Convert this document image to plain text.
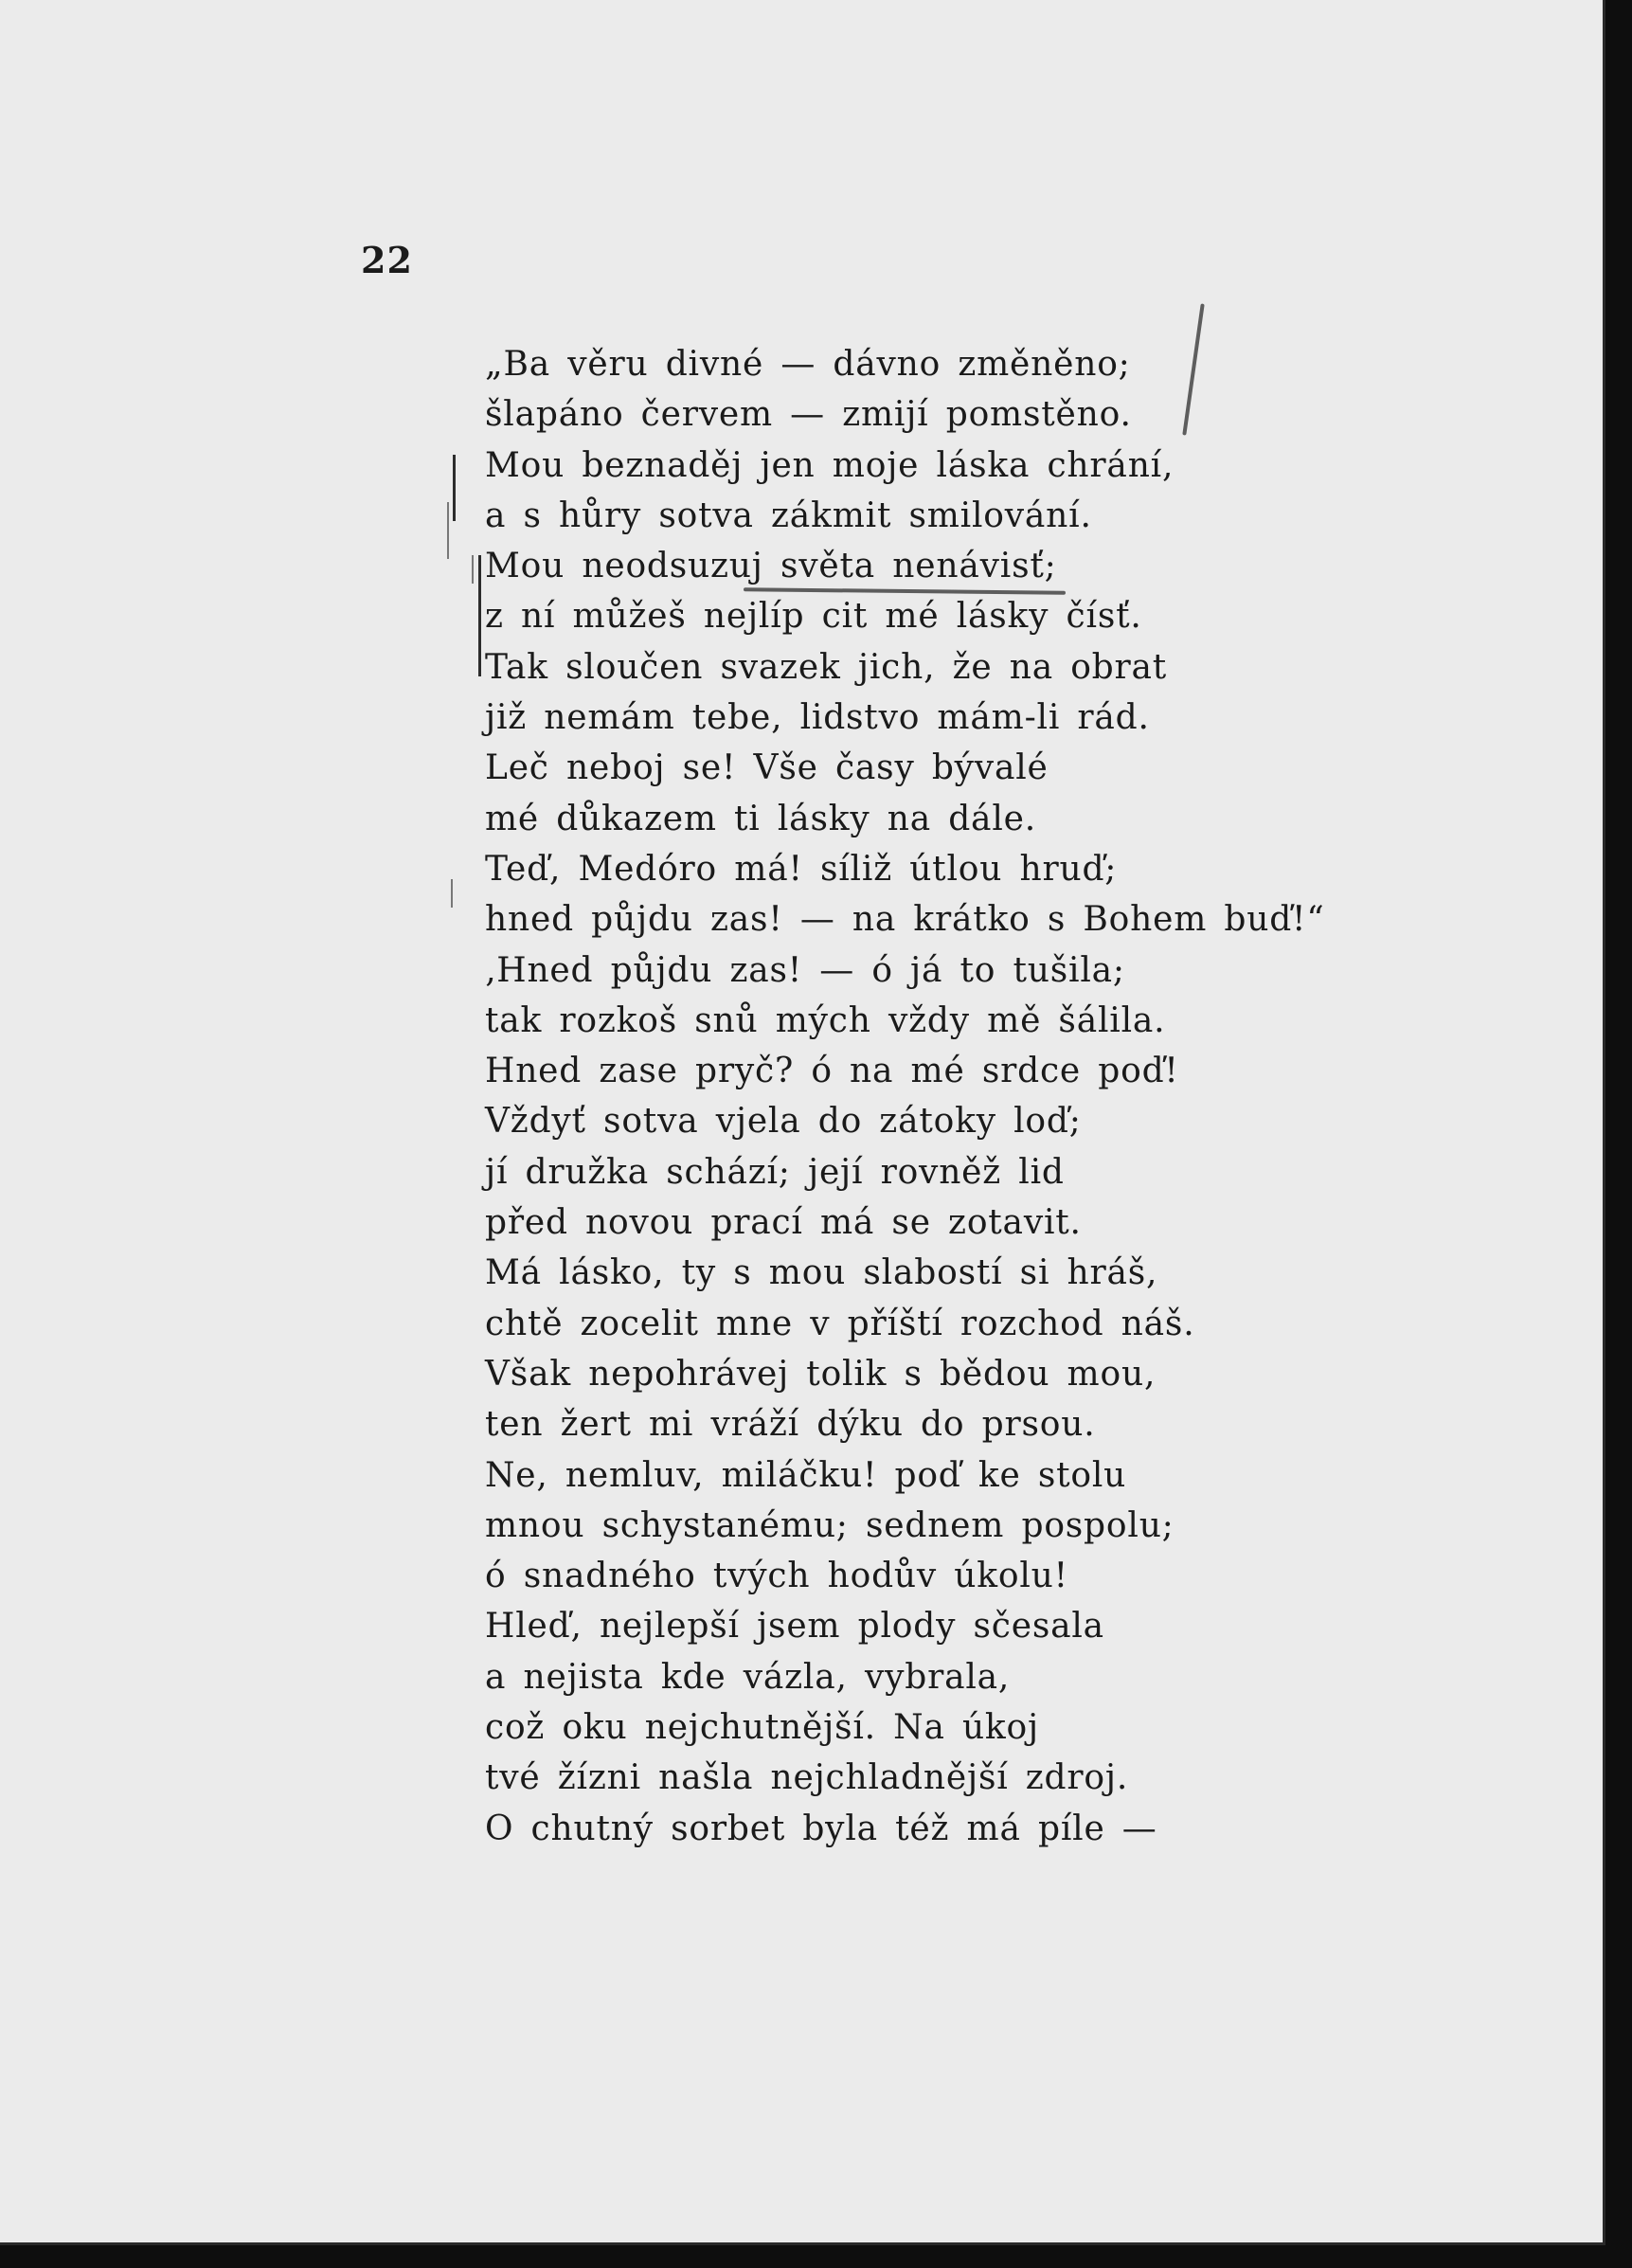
22
„Ba věru divné — dávno změněno;
šlapáno červem — zmijí pomstěno.
Mou beznaděj jen moje láska chrání,
a s hůry sotva zákmit smilování.
Mou neodsuzuj světa nenávisť;
z ní můžeš nejlíp cit mé lásky čísť.
Tak sloučen svazek jich, že na obrat
již nemám tebe, lidstvo mám-li rád.
Leč neboj se! Vše časy bývalé
mé důkazem ti lásky na dále.
Teď, Medóro má! síliž útlou hruď;
hned půjdu zas! — na krátko s Bohem buď!“
‚Hned půjdu zas! — ó já to tušila;
tak rozkoš snů mých vždy mě šálila.
Hned zase pryč? ó na mé srdce poď!
Vždyť sotva vjela do zátoky loď;
jí družka schází; její rovněž lid
před novou prací má se zotavit.
Má lásko, ty s mou slabostí si hráš,
chtě zocelit mne v příští rozchod náš.
Však nepohrávej tolik s bědou mou,
ten žert mi vráží dýku do prsou.
Ne, nemluv, miláčku! poď ke stolu
mnou schystanému; sednem pospolu;
ó snadného tvých hodův úkolu!
Hleď, nejlepší jsem plody sčesala
a nejista kde vázla, vybrala,
což oku nejchutnější. Na úkoj
tvé žízni našla nejchladnější zdroj.
O chutný sorbet byla též má píle —
